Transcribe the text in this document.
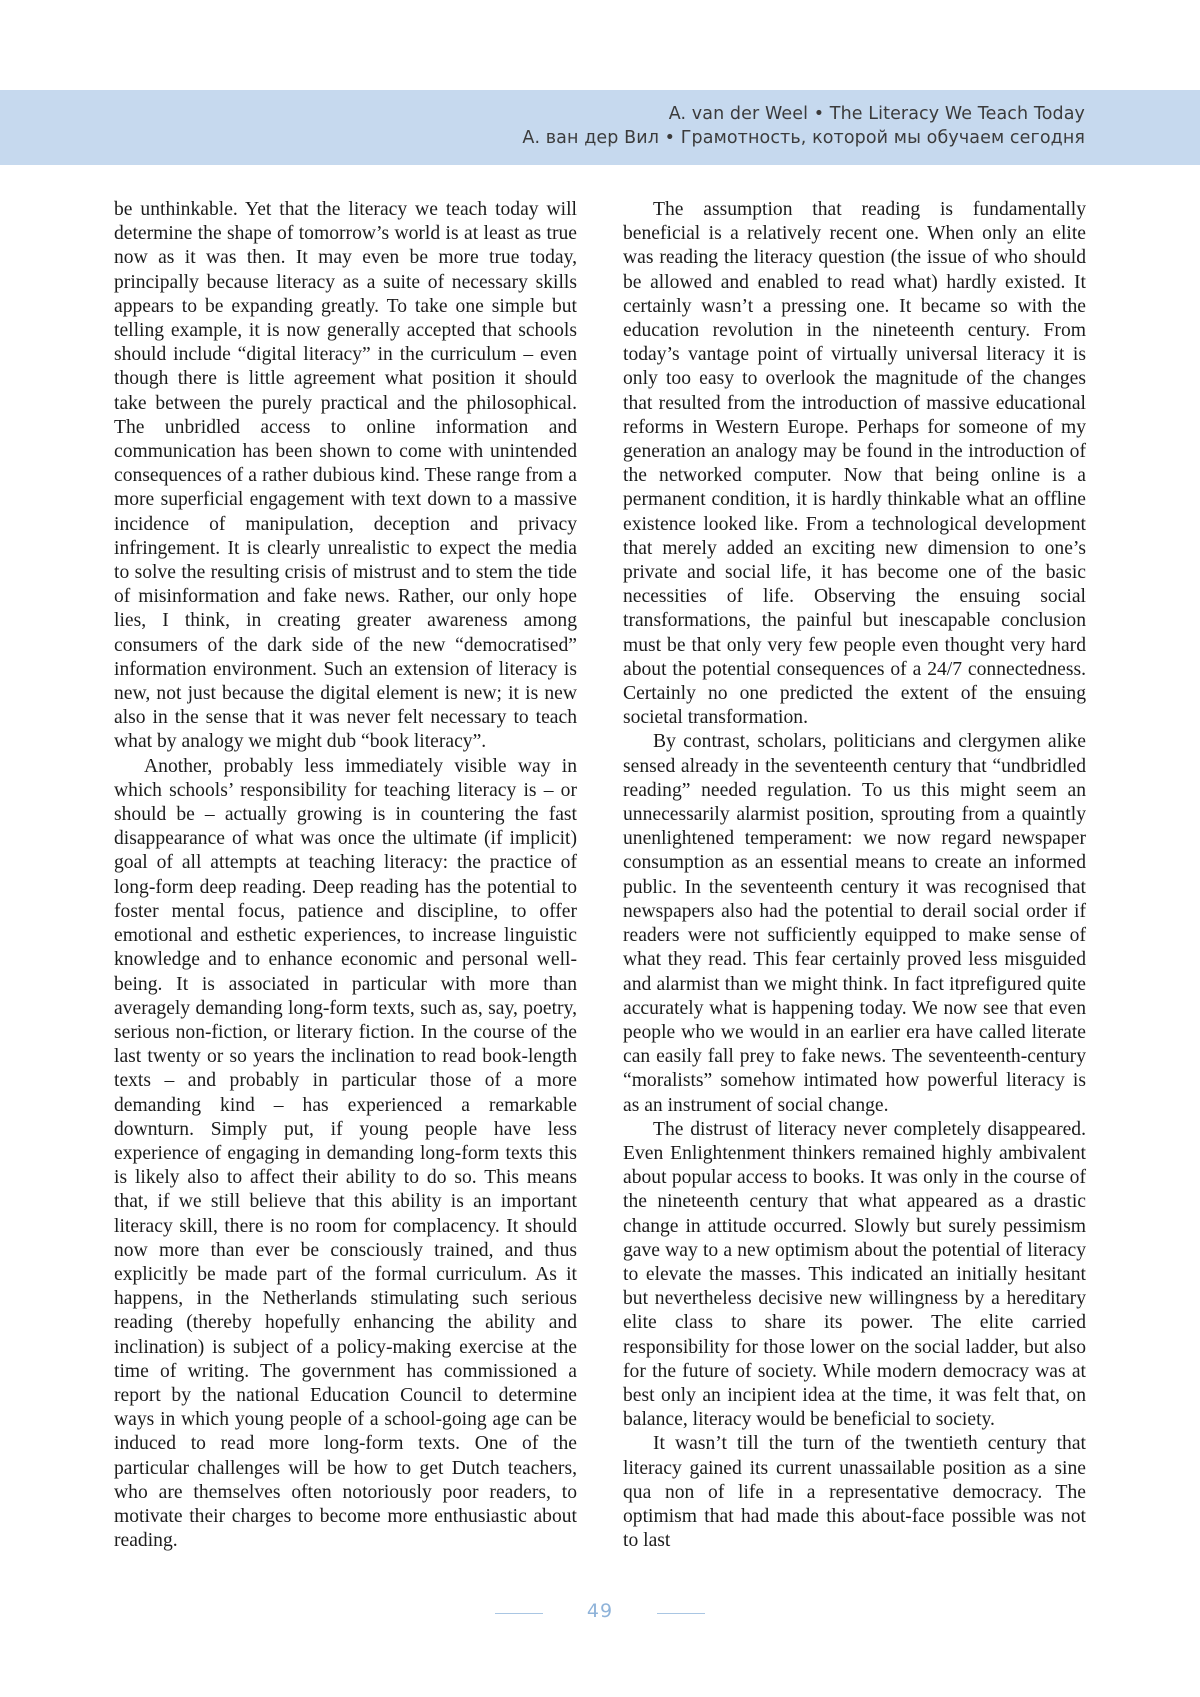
A. van der Weel • The Literacy We Teach Today
А. ван дер Вил • Грамотность, которой мы обучаем сегодня

be unthinkable. Yet that the literacy we teach today will determine the shape of tomorrow’s world is at least as true now as it was then. It may even be more true today, principally because literacy as a suite of necessary skills appears to be expanding greatly. To take one simple but telling example, it is now generally accepted that schools should include “digital literacy” in the curriculum – even though there is little agreement what position it should take between the purely practical and the philosophical. The unbridled access to online information and communication has been shown to come with unintended consequences of a rather dubious kind. These range from a more superficial engagement with text down to a massive incidence of manipulation, deception and privacy infringement. It is clearly unrealistic to expect the media to solve the resulting crisis of mistrust and to stem the tide of misinformation and fake news. Rather, our only hope lies, I think, in creating greater awareness among consumers of the dark side of the new “democratised” information environment. Such an extension of literacy is new, not just because the digital element is new; it is new also in the sense that it was never felt necessary to teach what by analogy we might dub “book literacy”.

Another, probably less immediately visible way in which schools’ responsibility for teaching literacy is – or should be – actually growing is in countering the fast disappearance of what was once the ultimate (if implicit) goal of all attempts at teaching literacy: the practice of long-form deep reading. Deep reading has the potential to foster mental focus, patience and discipline, to offer emotional and esthetic experiences, to increase linguistic knowledge and to enhance economic and personal well-being. It is associated in particular with more than averagely demanding long-form texts, such as, say, poetry, serious non-fiction, or literary fiction. In the course of the last twenty or so years the inclination to read book-length texts – and probably in particular those of a more demanding kind – has experienced a remarkable downturn. Simply put, if young people have less experience of engaging in demanding long-form texts this is likely also to affect their ability to do so. This means that, if we still believe that this ability is an important literacy skill, there is no room for complacency. It should now more than ever be consciously trained, and thus explicitly be made part of the formal curriculum. As it happens, in the Netherlands stimulating such serious reading (thereby hopefully enhancing the ability and inclination) is subject of a policy-making exercise at the time of writing. The government has commissioned a report by the national Education Council to determine ways in which young people of a school-going age can be induced to read more long-form texts. One of the particular challenges will be how to get Dutch teachers, who are themselves often notoriously poor readers, to motivate their charges to become more enthusiastic about reading.

The assumption that reading is fundamentally beneficial is a relatively recent one. When only an elite was reading the literacy question (the issue of who should be allowed and enabled to read what) hardly existed. It certainly wasn’t a pressing one. It became so with the education revolution in the nineteenth century. From today’s vantage point of virtually universal literacy it is only too easy to overlook the magnitude of the changes that resulted from the introduction of massive educational reforms in Western Europe. Perhaps for someone of my generation an analogy may be found in the introduction of the networked computer. Now that being online is a permanent condition, it is hardly thinkable what an offline existence looked like. From a technological development that merely added an exciting new dimension to one’s private and social life, it has become one of the basic necessities of life. Observing the ensuing social transformations, the painful but inescapable conclusion must be that only very few people even thought very hard about the potential consequences of a 24/7 connectedness. Certainly no one predicted the extent of the ensuing societal transformation.

By contrast, scholars, politicians and clergymen alike sensed already in the seventeenth century that “undbridled reading” needed regulation. To us this might seem an unnecessarily alarmist position, sprouting from a quaintly unenlightened temperament: we now regard newspaper consumption as an essential means to create an informed public. In the seventeenth century it was recognised that newspapers also had the potential to derail social order if readers were not sufficiently equipped to make sense of what they read. This fear certainly proved less misguided and alarmist than we might think. In fact itprefigured quite accurately what is happening today. We now see that even people who we would in an earlier era have called literate can easily fall prey to fake news. The seventeenth-century “moralists” somehow intimated how powerful literacy is as an instrument of social change.

The distrust of literacy never completely disappeared. Even Enlightenment thinkers remained highly ambivalent about popular access to books. It was only in the course of the nineteenth century that what appeared as a drastic change in attitude occurred. Slowly but surely pessimism gave way to a new optimism about the potential of literacy to elevate the masses. This indicated an initially hesitant but nevertheless decisive new willingness by a hereditary elite class to share its power. The elite carried responsibility for those lower on the social ladder, but also for the future of society. While modern democracy was at best only an incipient idea at the time, it was felt that, on balance, literacy would be beneficial to society.

It wasn’t till the turn of the twentieth century that literacy gained its current unassailable position as a sine qua non of life in a representative democracy. The optimism that had made this about-face possible was not to last

49
